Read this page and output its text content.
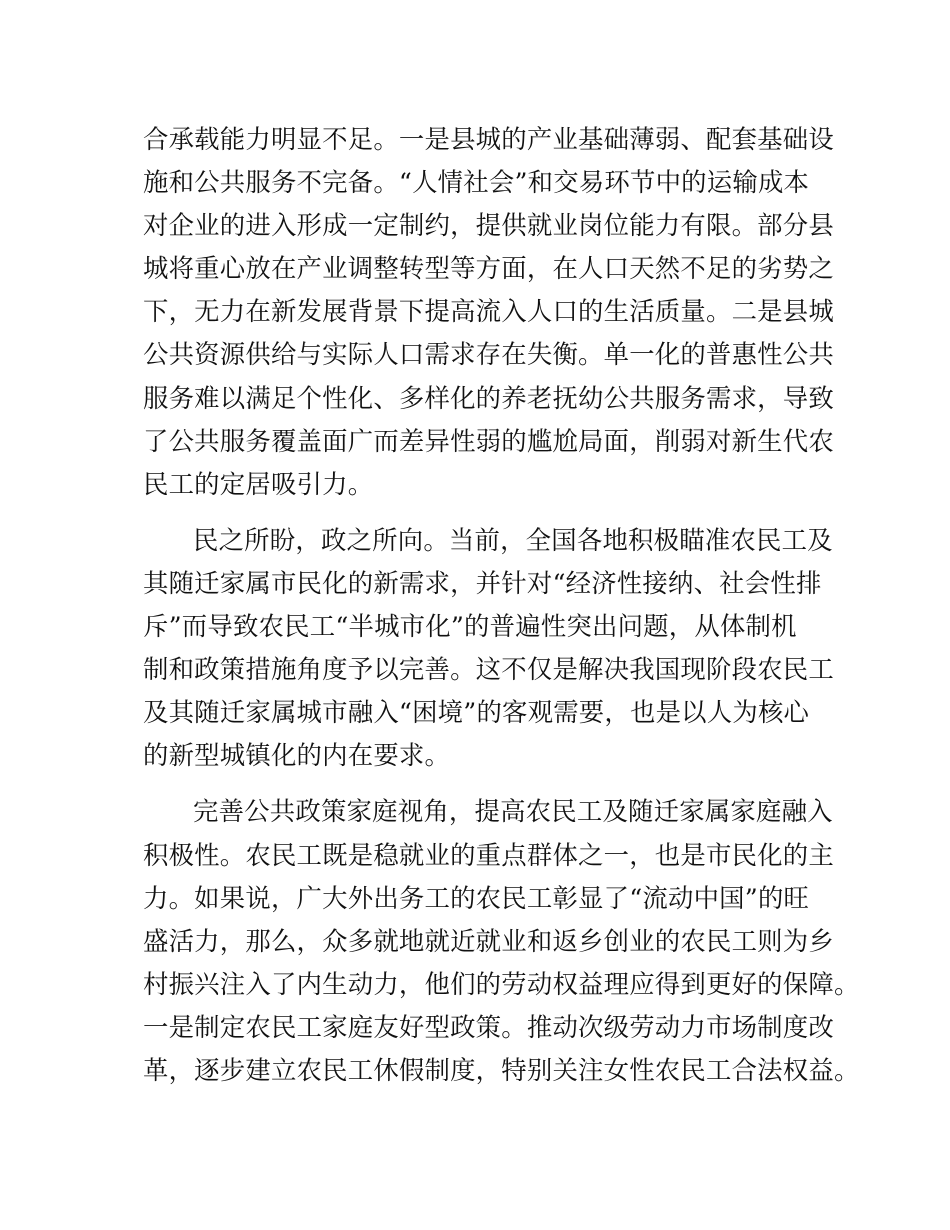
合承载能力明显不足。一是县城的产业基础薄弱、配套基础设
施和公共服务不完备。“人情社会”和交易环节中的运输成本
对企业的进入形成一定制约，提供就业岗位能力有限。部分县
城将重心放在产业调整转型等方面，在人口天然不足的劣势之
下，无力在新发展背景下提高流入人口的生活质量。二是县城
公共资源供给与实际人口需求存在失衡。单一化的普惠性公共
服务难以满足个性化、多样化的养老抚幼公共服务需求，导致
了公共服务覆盖面广而差异性弱的尴尬局面，削弱对新生代农
民工的定居吸引力。
民之所盼，政之所向。当前，全国各地积极瞄准农民工及
其随迁家属市民化的新需求，并针对“经济性接纳、社会性排
斥”而导致农民工“半城市化”的普遍性突出问题，从体制机
制和政策措施角度予以完善。这不仅是解决我国现阶段农民工
及其随迁家属城市融入“困境”的客观需要，也是以人为核心
的新型城镇化的内在要求。
完善公共政策家庭视角，提高农民工及随迁家属家庭融入
积极性。农民工既是稳就业的重点群体之一，也是市民化的主
力。如果说，广大外出务工的农民工彰显了“流动中国”的旺
盛活力，那么，众多就地就近就业和返乡创业的农民工则为乡
村振兴注入了内生动力，他们的劳动权益理应得到更好的保障。
一是制定农民工家庭友好型政策。推动次级劳动力市场制度改
革，逐步建立农民工休假制度，特别关注女性农民工合法权益。
